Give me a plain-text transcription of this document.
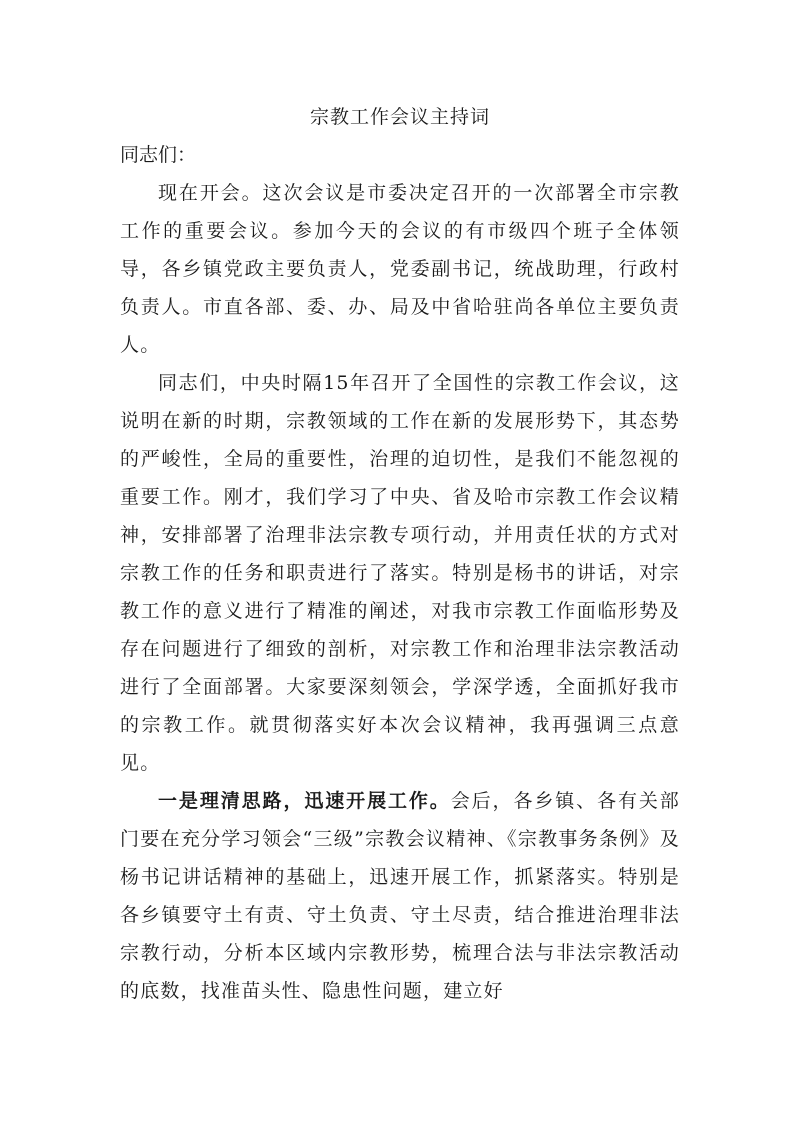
宗教工作会议主持词

同志们：

现在开会。这次会议是市委决定召开的一次部署全市宗教工作的重要会议。参加今天的会议的有市级四个班子全体领导，各乡镇党政主要负责人，党委副书记，统战助理，行政村负责人。市直各部、委、办、局及中省哈驻尚各单位主要负责人。

同志们，中央时隔15年召开了全国性的宗教工作会议，这说明在新的时期，宗教领域的工作在新的发展形势下，其态势的严峻性，全局的重要性，治理的迫切性，是我们不能忽视的重要工作。刚才，我们学习了中央、省及哈市宗教工作会议精神，安排部署了治理非法宗教专项行动，并用责任状的方式对宗教工作的任务和职责进行了落实。特别是杨书的讲话，对宗教工作的意义进行了精准的阐述，对我市宗教工作面临形势及存在问题进行了细致的剖析，对宗教工作和治理非法宗教活动进行了全面部署。大家要深刻领会，学深学透，全面抓好我市的宗教工作。就贯彻落实好本次会议精神，我再强调三点意见。

一是理清思路，迅速开展工作。会后，各乡镇、各有关部门要在充分学习领会“三级”宗教会议精神、《宗教事务条例》及杨书记讲话精神的基础上，迅速开展工作，抓紧落实。特别是各乡镇要守土有责、守土负责、守土尽责，结合推进治理非法宗教行动，分析本区域内宗教形势，梳理合法与非法宗教活动的底数，找准苗头性、隐患性问题，建立好
